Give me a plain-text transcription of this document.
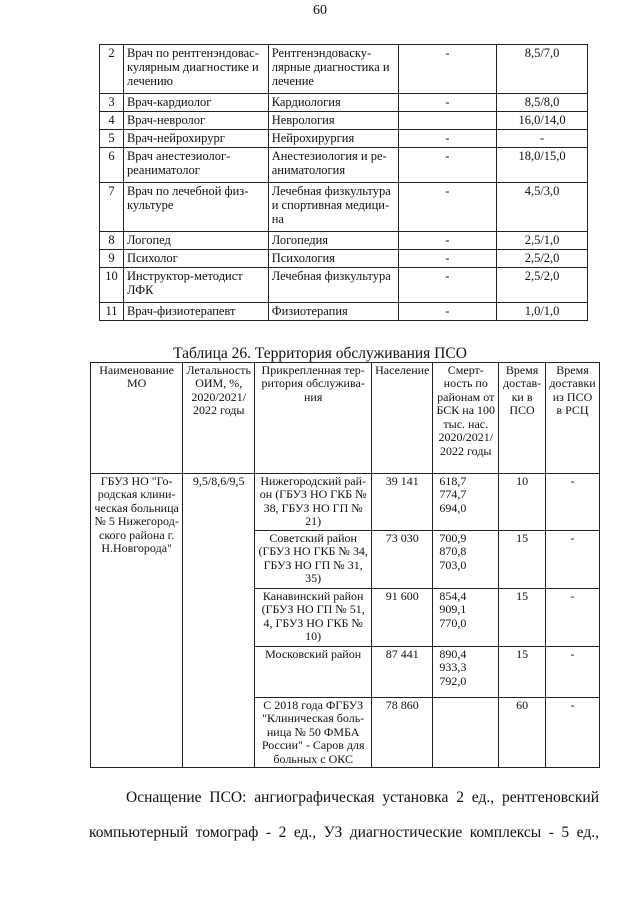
60
2	Врач по рентгенэндовас-кулярным диагностике и лечению	Рентгенэндоваску-лярные диагностика и лечение	-	8,5/7,0
3	Врач-кардиолог	Кардиология	-	8,5/8,0
4	Врач-невролог	Неврология		16,0/14,0
5	Врач-нейрохирург	Нейрохирургия	-	-
6	Врач анестезиолог-реаниматолог	Анестезиология и ре-аниматология	-	18,0/15,0
7	Врач по лечебной физ-культуре	Лечебная физкультура и спортивная медици-на	-	4,5/3,0
8	Логопед	Логопедия	-	2,5/1,0
9	Психолог	Психология	-	2,5/2,0
10	Инструктор-методист ЛФК	Лечебная физкультура	-	2,5/2,0
11	Врач-физиотерапевт	Физиотерапия	-	1,0/1,0
Таблица 26. Территория обслуживания ПСО
Наименование МО	Летальность ОИМ, %, 2020/2021/ 2022 годы	Прикрепленная тер-ритория обслужива-ния	Население	Смерт-ность по районам от БСК на 100 тыс. нас. 2020/2021/ 2022 годы	Время достав-ки в ПСО	Время доставки из ПСО в РСЦ
ГБУЗ НО "Го-родская клини-ческая больница № 5 Нижегород-ского района г. Н.Новгорода"	9,5/8,6/9,5	Нижегородский рай-он (ГБУЗ НО ГКБ № 38, ГБУЗ НО ГП № 21)	39 141	618,7 774,7 694,0	10	-
		Советский район (ГБУЗ НО ГКБ № 34, ГБУЗ НО ГП № 31, 35)	73 030	700,9 870,8 703,0	15	-
		Канавинский район (ГБУЗ НО ГП № 51, 4, ГБУЗ НО ГКБ № 10)	91 600	854,4 909,1 770,0	15	-
		Московский район	87 441	890,4 933,3 792,0	15	-
		С 2018 года ФГБУЗ "Клиническая боль-ница № 50 ФМБА России" - Саров для больных с ОКС	78 860		60	-
Оснащение ПСО: ангиографическая установка 2 ед., рентгеновский
компьютерный томограф - 2 ед., УЗ диагностические комплексы - 5 ед.,
